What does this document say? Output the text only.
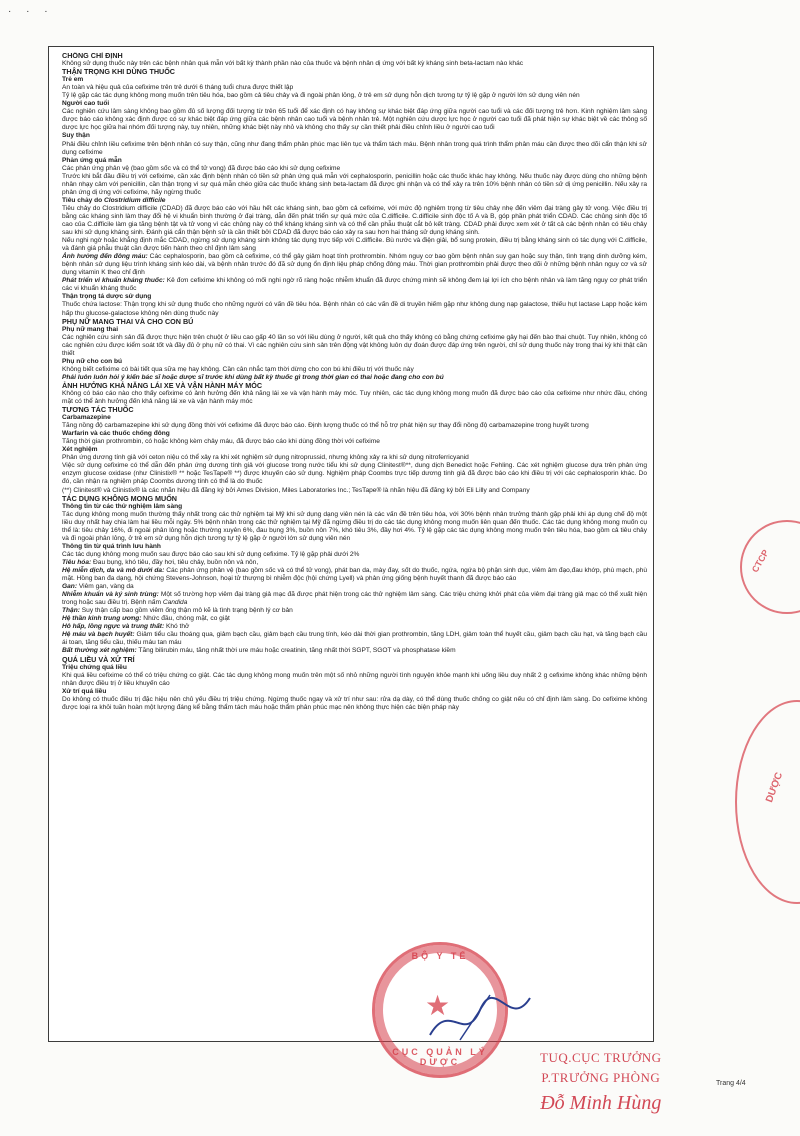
· · ·

CHỐNG CHỈ ĐỊNH

Không sử dụng thuốc này trên các bệnh nhân quá mẫn với bất kỳ thành phần nào của thuốc và bệnh nhân dị ứng với bất kỳ kháng sinh beta-lactam nào khác

THẬN TRỌNG KHI DÙNG THUỐC

Trẻ em

An toàn và hiệu quả của cefixime trên trẻ dưới 6 tháng tuổi chưa được thiết lập

Tỷ lệ gặp các tác dụng không mong muốn trên tiêu hóa, bao gồm cả tiêu chảy và đi ngoài phân lỏng, ở trẻ em sử dụng hỗn dịch tương tự tỷ lệ gặp ở người lớn sử dụng viên nén

Người cao tuổi

Các nghiên cứu lâm sàng không bao gồm đủ số lượng đối tượng từ trên 65 tuổi để xác định có hay không sự khác biệt đáp ứng giữa người cao tuổi và các đối tượng trẻ hơn. Kinh nghiệm lâm sàng được báo cáo không xác định được có sự khác biệt đáp ứng giữa các bệnh nhân cao tuổi và bệnh nhân trẻ. Một nghiên cứu dược lực học ở người cao tuổi đã phát hiện sự khác biệt về các thông số dược lực học giữa hai nhóm đối tượng này, tuy nhiên, những khác biệt này nhỏ và không cho thấy sự cần thiết phải điều chỉnh liều ở người cao tuổi

Suy thận

Phải điều chỉnh liều cefixime trên bệnh nhân có suy thận, cũng như đang thẩm phân phúc mạc liên tục và thẩm tách máu. Bệnh nhân trong quá trình thẩm phân máu cần được theo dõi cẩn thận khi sử dụng cefixime

Phản ứng quá mẫn

Các phản ứng phản vệ (bao gồm sốc và có thể tử vong) đã được báo cáo khi sử dụng cefixime

Trước khi bắt đầu điều trị với cefixime, cần xác định bệnh nhân có tiền sử phản ứng quá mẫn với cephalosporin, penicillin hoặc các thuốc khác hay không. Nếu thuốc này được dùng cho những bệnh nhân nhạy cảm với penicillin, cần thận trọng vì sự quá mẫn chéo giữa các thuốc kháng sinh beta-lactam đã được ghi nhận và có thể xảy ra trên 10% bệnh nhân có tiền sử dị ứng penicillin. Nếu xảy ra phản ứng dị ứng với cefixime, hãy ngừng thuốc

Tiêu chảy do Clostridium difficile

Tiêu chảy do Clostridium difficile (CDAD) đã được báo cáo với hầu hết các kháng sinh, bao gồm cả cefixime, với mức độ nghiêm trọng từ tiêu chảy nhẹ đến viêm đại tràng gây tử vong. Việc điều trị bằng các kháng sinh làm thay đổi hệ vi khuẩn bình thường ở đại tràng, dẫn đến phát triển sự quá mức của C.difficile. C.difficile sinh độc tố A và B, góp phần phát triển CDAD. Các chủng sinh độc tố cao của C.difficile làm gia tăng bệnh tật và tử vong vì các chủng này có thể kháng kháng sinh và có thể cần phẫu thuật cắt bỏ kết tràng. CDAD phải được xem xét ở tất cả các bệnh nhân có tiêu chảy sau khi sử dụng kháng sinh. Đánh giá cẩn thận bệnh sử là cần thiết bởi CDAD đã được báo cáo xảy ra sau hơn hai tháng sử dụng kháng sinh.

Nếu nghi ngờ hoặc khẳng định mắc CDAD, ngừng sử dụng kháng sinh không tác dụng trực tiếp với C.difficile. Bù nước và điện giải, bổ sung protein, điều trị bằng kháng sinh có tác dụng với C.difficile, và đánh giá phẫu thuật cần được tiến hành theo chỉ định lâm sàng

Ảnh hưởng đến đông máu: Các cephalosporin, bao gồm cả cefixime, có thể gây giảm hoạt tính prothrombin. Nhóm nguy cơ bao gồm bệnh nhân suy gan hoặc suy thận, tình trạng dinh dưỡng kém, bệnh nhân sử dụng liệu trình kháng sinh kéo dài, và bệnh nhân trước đó đã sử dụng ổn định liệu pháp chống đông máu. Thời gian prothrombin phải được theo dõi ở những bệnh nhân nguy cơ và sử dụng vitamin K theo chỉ định

Phát triển vi khuẩn kháng thuốc: Kê đơn cefixime khi không có mối nghi ngờ rõ ràng hoặc nhiễm khuẩn đã được chứng minh sẽ không đem lại lợi ích cho bệnh nhân và làm tăng nguy cơ phát triển các vi khuẩn kháng thuốc

Thận trọng tá dược sử dụng

Thuốc chứa lactose: Thận trọng khi sử dụng thuốc cho những người có vấn đề tiêu hóa. Bệnh nhân có các vấn đề di truyền hiếm gặp như không dung nạp galactose, thiếu hụt lactase Lapp hoặc kém hấp thu glucose-galactose không nên dùng thuốc này

PHỤ NỮ MANG THAI VÀ CHO CON BÚ

Phụ nữ mang thai

Các nghiên cứu sinh sản đã được thực hiện trên chuột ở liều cao gấp 40 lần so với liều dùng ở người, kết quả cho thấy không có bằng chứng cefixime gây hại đến bào thai chuột. Tuy nhiên, không có các nghiên cứu được kiểm soát tốt và đầy đủ ở phụ nữ có thai. Vì các nghiên cứu sinh sản trên động vật không luôn dự đoán được đáp ứng trên người, chỉ sử dụng thuốc này trong thai kỳ khi thật cần thiết

Phụ nữ cho con bú

Không biết cefixime có bài tiết qua sữa mẹ hay không. Cần cân nhắc tạm thời dừng cho con bú khi điều trị với thuốc này

Phải luôn luôn hỏi ý kiến bác sĩ hoặc dược sĩ trước khi dùng bất kỳ thuốc gì trong thời gian có thai hoặc đang cho con bú

ẢNH HƯỞNG KHẢ NĂNG LÁI XE VÀ VẬN HÀNH MÁY MÓC

Không có báo cáo nào cho thấy cefixime có ảnh hưởng đến khả năng lái xe và vận hành máy móc. Tuy nhiên, các tác dụng không mong muốn đã được báo cáo của cefixime như nhức đầu, chóng mặt có thể ảnh hưởng đến khả năng lái xe và vận hành máy móc

TƯƠNG TÁC THUỐC

Carbamazepine

Tăng nồng độ carbamazepine khi sử dụng đồng thời với cefixime đã được báo cáo. Định lượng thuốc có thể hỗ trợ phát hiện sự thay đổi nồng độ carbamazepine trong huyết tương

Warfarin và các thuốc chống đông

Tăng thời gian prothrombin, có hoặc không kèm chảy máu, đã được báo cáo khi dùng đồng thời với cefixime

Xét nghiệm

Phản ứng dương tính giả với ceton niệu có thể xảy ra khi xét nghiệm sử dụng nitroprussid, nhưng không xảy ra khi sử dụng nitroferricyanid

Việc sử dụng cefixime có thể dẫn đến phản ứng dương tính giả với glucose trong nước tiểu khi sử dụng Clinitest®**, dung dịch Benedict hoặc Fehling. Các xét nghiệm glucose dựa trên phản ứng enzym glucose oxidase (như Clinistix® ** hoặc TesTape® **) được khuyến cáo sử dụng. Nghiệm pháp Coombs trực tiếp dương tính giả đã được báo cáo khi điều trị với các cephalosporin khác. Do đó, cần nhận ra nghiệm pháp Coombs dương tính có thể là do thuốc

(**) Clinitest® và Clinistix® là các nhãn hiệu đã đăng ký bởi Ames Division, Miles Laboratories Inc.; TesTape® là nhãn hiệu đã đăng ký bởi Eli Lilly and Company

TÁC DỤNG KHÔNG MONG MUỐN

Thông tin từ các thử nghiệm lâm sàng

Tác dụng không mong muốn thường thấy nhất trong các thử nghiệm tại Mỹ khi sử dụng dạng viên nén là các vấn đề trên tiêu hóa, với 30% bệnh nhân trưởng thành gặp phải khi áp dụng chế độ một liều duy nhất hay chia làm hai liều mỗi ngày. 5% bệnh nhân trong các thử nghiệm tại Mỹ đã ngừng điều trị do các tác dụng không mong muốn liên quan đến thuốc. Các tác dụng không mong muốn cụ thể là: tiêu chảy 16%, đi ngoài phân lỏng hoặc thường xuyên 6%, đau bụng 3%, buồn nôn 7%, khó tiêu 3%, đầy hơi 4%. Tỷ lệ gặp các tác dụng không mong muốn trên tiêu hóa, bao gồm cả tiêu chảy và đi ngoài phân lỏng, ở trẻ em sử dụng hỗn dịch tương tự tỷ lệ gặp ở người lớn sử dụng viên nén

Thông tin từ quá trình lưu hành

Các tác dụng không mong muốn sau được báo cáo sau khi sử dụng cefixime. Tỷ lệ gặp phải dưới 2%

Tiêu hóa: Đau bụng, khó tiêu, đầy hơi, tiêu chảy, buồn nôn và nôn,

Hệ miễn dịch, da và mô dưới da: Các phản ứng phản vệ (bao gồm sốc và có thể tử vong), phát ban da, mày đay, sốt do thuốc, ngứa, ngứa bộ phận sinh dục, viêm âm đạo,đau khớp, phù mạch, phù mặt. Hồng ban đa dạng, hội chứng Stevens-Johnson, hoại tử thượng bì nhiễm độc (hội chứng Lyell) và phản ứng giống bệnh huyết thanh đã được báo cáo

Gan: Viêm gan, vàng da

Nhiễm khuẩn và ký sinh trùng: Một số trường hợp viêm đại tràng giả mạc đã được phát hiện trong các thử nghiệm lâm sàng. Các triệu chứng khởi phát của viêm đại tràng giả mạc có thể xuất hiện trong hoặc sau điều trị. Bệnh nấm Candida

Thận: Suy thận cấp bao gồm viêm ống thận mô kẽ là tình trạng bệnh lý cơ bản

Hệ thần kinh trung ương: Nhức đầu, chóng mặt, co giật

Hô hấp, lồng ngực và trung thất: Khó thở

Hệ máu và bạch huyết: Giảm tiểu cầu thoáng qua, giảm bạch cầu, giảm bạch cầu trung tính, kéo dài thời gian prothrombin, tăng LDH, giảm toàn thể huyết cầu, giảm bạch cầu hạt, và tăng bạch cầu ái toan, tăng tiểu cầu, thiếu máu tan máu

Bất thường xét nghiệm: Tăng bilirubin máu, tăng nhất thời ure máu hoặc creatinin, tăng nhất thời SGPT, SGOT và phosphatase kiềm

QUÁ LIỀU VÀ XỬ TRÍ

Triệu chứng quá liều

Khi quá liều cefixime có thể có triệu chứng co giật. Các tác dụng không mong muốn trên một số nhỏ những người tình nguyện khỏe mạnh khi uống liều duy nhất 2 g cefixime không khác những bệnh nhân được điều trị ở liều khuyến cáo

Xử trí quá liều

Do không có thuốc điều trị đặc hiệu nên chủ yếu điều trị triệu chứng. Ngừng thuốc ngay và xử trí như sau: rửa dạ dày, có thể dùng thuốc chống co giật nếu có chỉ định lâm sàng. Do cefixime không được loại ra khỏi tuần hoàn một lượng đáng kể bằng thẩm tách máu hoặc thẩm phân phúc mạc nên không thực hiện các biện pháp này

CTCP
DƯỢC
BỘ Y TẾ
★
CỤC QUẢN LÝ DƯỢC	TUQ.CỤC TRƯỞNG
P.TRƯỞNG PHÒNG
Đỗ Minh Hùng
Trang 4/4
